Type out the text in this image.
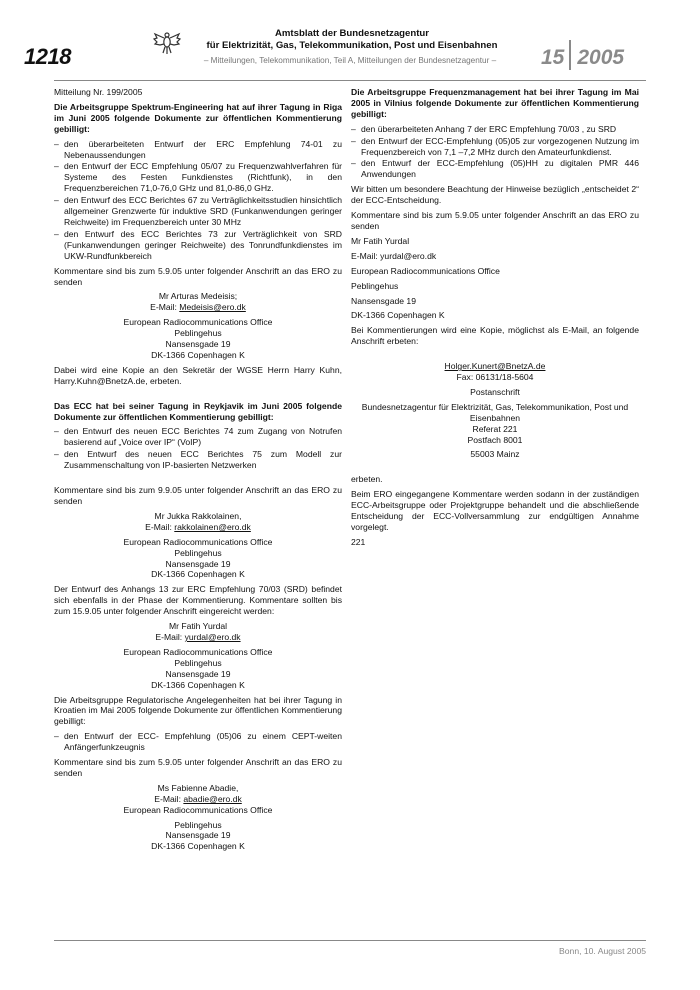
1218
Amtsblatt der Bundesnetzagentur
für Elektrizität, Gas, Telekommunikation, Post und Eisenbahnen
– Mitteilungen, Telekommunikation, Teil A, Mitteilungen der Bundesnetzagentur –	15 2005

Mitteilung Nr. 199/2005

Die Arbeitsgruppe Spektrum-Engineering hat auf ihrer Tagung in Riga im Juni 2005 folgende Dokumente zur öffentlichen Kommentierung gebilligt:

– den überarbeiteten Entwurf der ERC Empfehlung 74-01 zu Nebenaussendungen
– den Entwurf der ECC Empfehlung 05/07 zu Frequenzwahlverfahren für Systeme des Festen Funkdienstes (Richtfunk), in den Frequenzbereichen 71,0-76,0 GHz und 81,0-86,0 GHz.
– den Entwurf des ECC Berichtes 67 zu Verträglichkeitsstudien hinsichtlich allgemeiner Grenzwerte für induktive SRD (Funkanwendungen geringer Reichweite) im Frequenzbereich unter 30 MHz
– den Entwurf des ECC Berichtes 73 zur Verträglichkeit von SRD (Funkanwendungen geringer Reichweite) des Tonrundfunkdienstes im UKW-Rundfunkbereich

Kommentare sind bis zum 5.9.05 unter folgender Anschrift an das ERO zu senden

Mr Arturas Medeisis;
E-Mail: Medeisis@ero.dk
European Radiocommunications Office
Peblingehus
Nansensgade 19
DK-1366 Copenhagen K

Dabei wird eine Kopie an den Sekretär der WGSE Herrn Harry Kuhn, Harry.Kuhn@BnetzA.de, erbeten.

Das ECC hat bei seiner Tagung in Reykjavik im Juni 2005 folgende Dokumente zur öffentlichen Kommentierung gebilligt:

– den Entwurf des neuen ECC Berichtes 74 zum Zugang von Notrufen basierend auf „Voice over IP“ (VoIP)
– den Entwurf des neuen ECC Berichtes 75 zum Modell zur Zusammenschaltung von IP-basierten Netzwerken

Kommentare sind bis zum 9.9.05 unter folgender Anschrift an das ERO zu senden

Mr Jukka Rakkolainen,
E-Mail: rakkolainen@ero.dk
European Radiocommunications Office
Peblingehus
Nansensgade 19
DK-1366 Copenhagen K

Der Entwurf des Anhangs 13 zur ERC Empfehlung 70/03 (SRD) befindet sich ebenfalls in der Phase der Kommentierung. Kommentare sollten bis zum 15.9.05 unter folgender Anschrift eingereicht werden:

Mr Fatih Yurdal
E-Mail: yurdal@ero.dk
European Radiocommunications Office
Peblingehus
Nansensgade 19
DK-1366 Copenhagen K

Die Arbeitsgruppe Regulatorische Angelegenheiten hat bei ihrer Tagung in Kroatien im Mai 2005 folgende Dokumente zur öffentlichen Kommentierung gebilligt:

– den Entwurf der ECC- Empfehlung (05)06 zu einem CEPT-weiten Anfängerfunkzeugnis

Kommentare sind bis zum 5.9.05 unter folgender Anschrift an das ERO zu senden

Ms Fabienne Abadie,
E-Mail: abadie@ero.dk
European Radiocommunications Office
Peblingehus
Nansensgade 19
DK-1366 Copenhagen K

Die Arbeitsgruppe Frequenzmanagement hat bei ihrer Tagung im Mai 2005 in Vilnius folgende Dokumente zur öffentlichen Kommentierung gebilligt:

– den überarbeiteten Anhang 7 der ERC Empfehlung 70/03 , zu SRD
– den Entwurf der ECC-Empfehlung (05)05 zur vorgezogenen Nutzung im Frequenzbereich von 7,1 –7,2 MHz durch den Amateurfunkdienst.
– den Entwurf der ECC-Empfehlung (05)HH zu digitalen PMR 446 Anwendungen

Wir bitten um besondere Beachtung der Hinweise bezüglich „entscheidet 2“ der ECC-Entscheidung.

Kommentare sind bis zum 5.9.05 unter folgender Anschrift an das ERO zu senden

Mr Fatih Yurdal

E-Mail: yurdal@ero.dk

European Radiocommunications Office

Peblingehus

Nansensgade 19

DK-1366 Copenhagen K

Bei Kommentierungen wird eine Kopie, möglichst als E-Mail, an folgende Anschrift erbeten:

Holger.Kunert@BnetzA.de
Fax: 06131/18-5604
Postanschrift
Bundesnetzagentur für Elektrizität, Gas, Telekommunikation, Post und Eisenbahnen
Referat 221
Postfach 8001
55003 Mainz

erbeten.

Beim ERO eingegangene Kommentare werden sodann in der zuständigen ECC-Arbeitsgruppe oder Projektgruppe behandelt und die abschließende Entscheidung der ECC-Vollversammlung zur endgültigen Annahme vorgelegt.

221

Bonn, 10. August 2005
